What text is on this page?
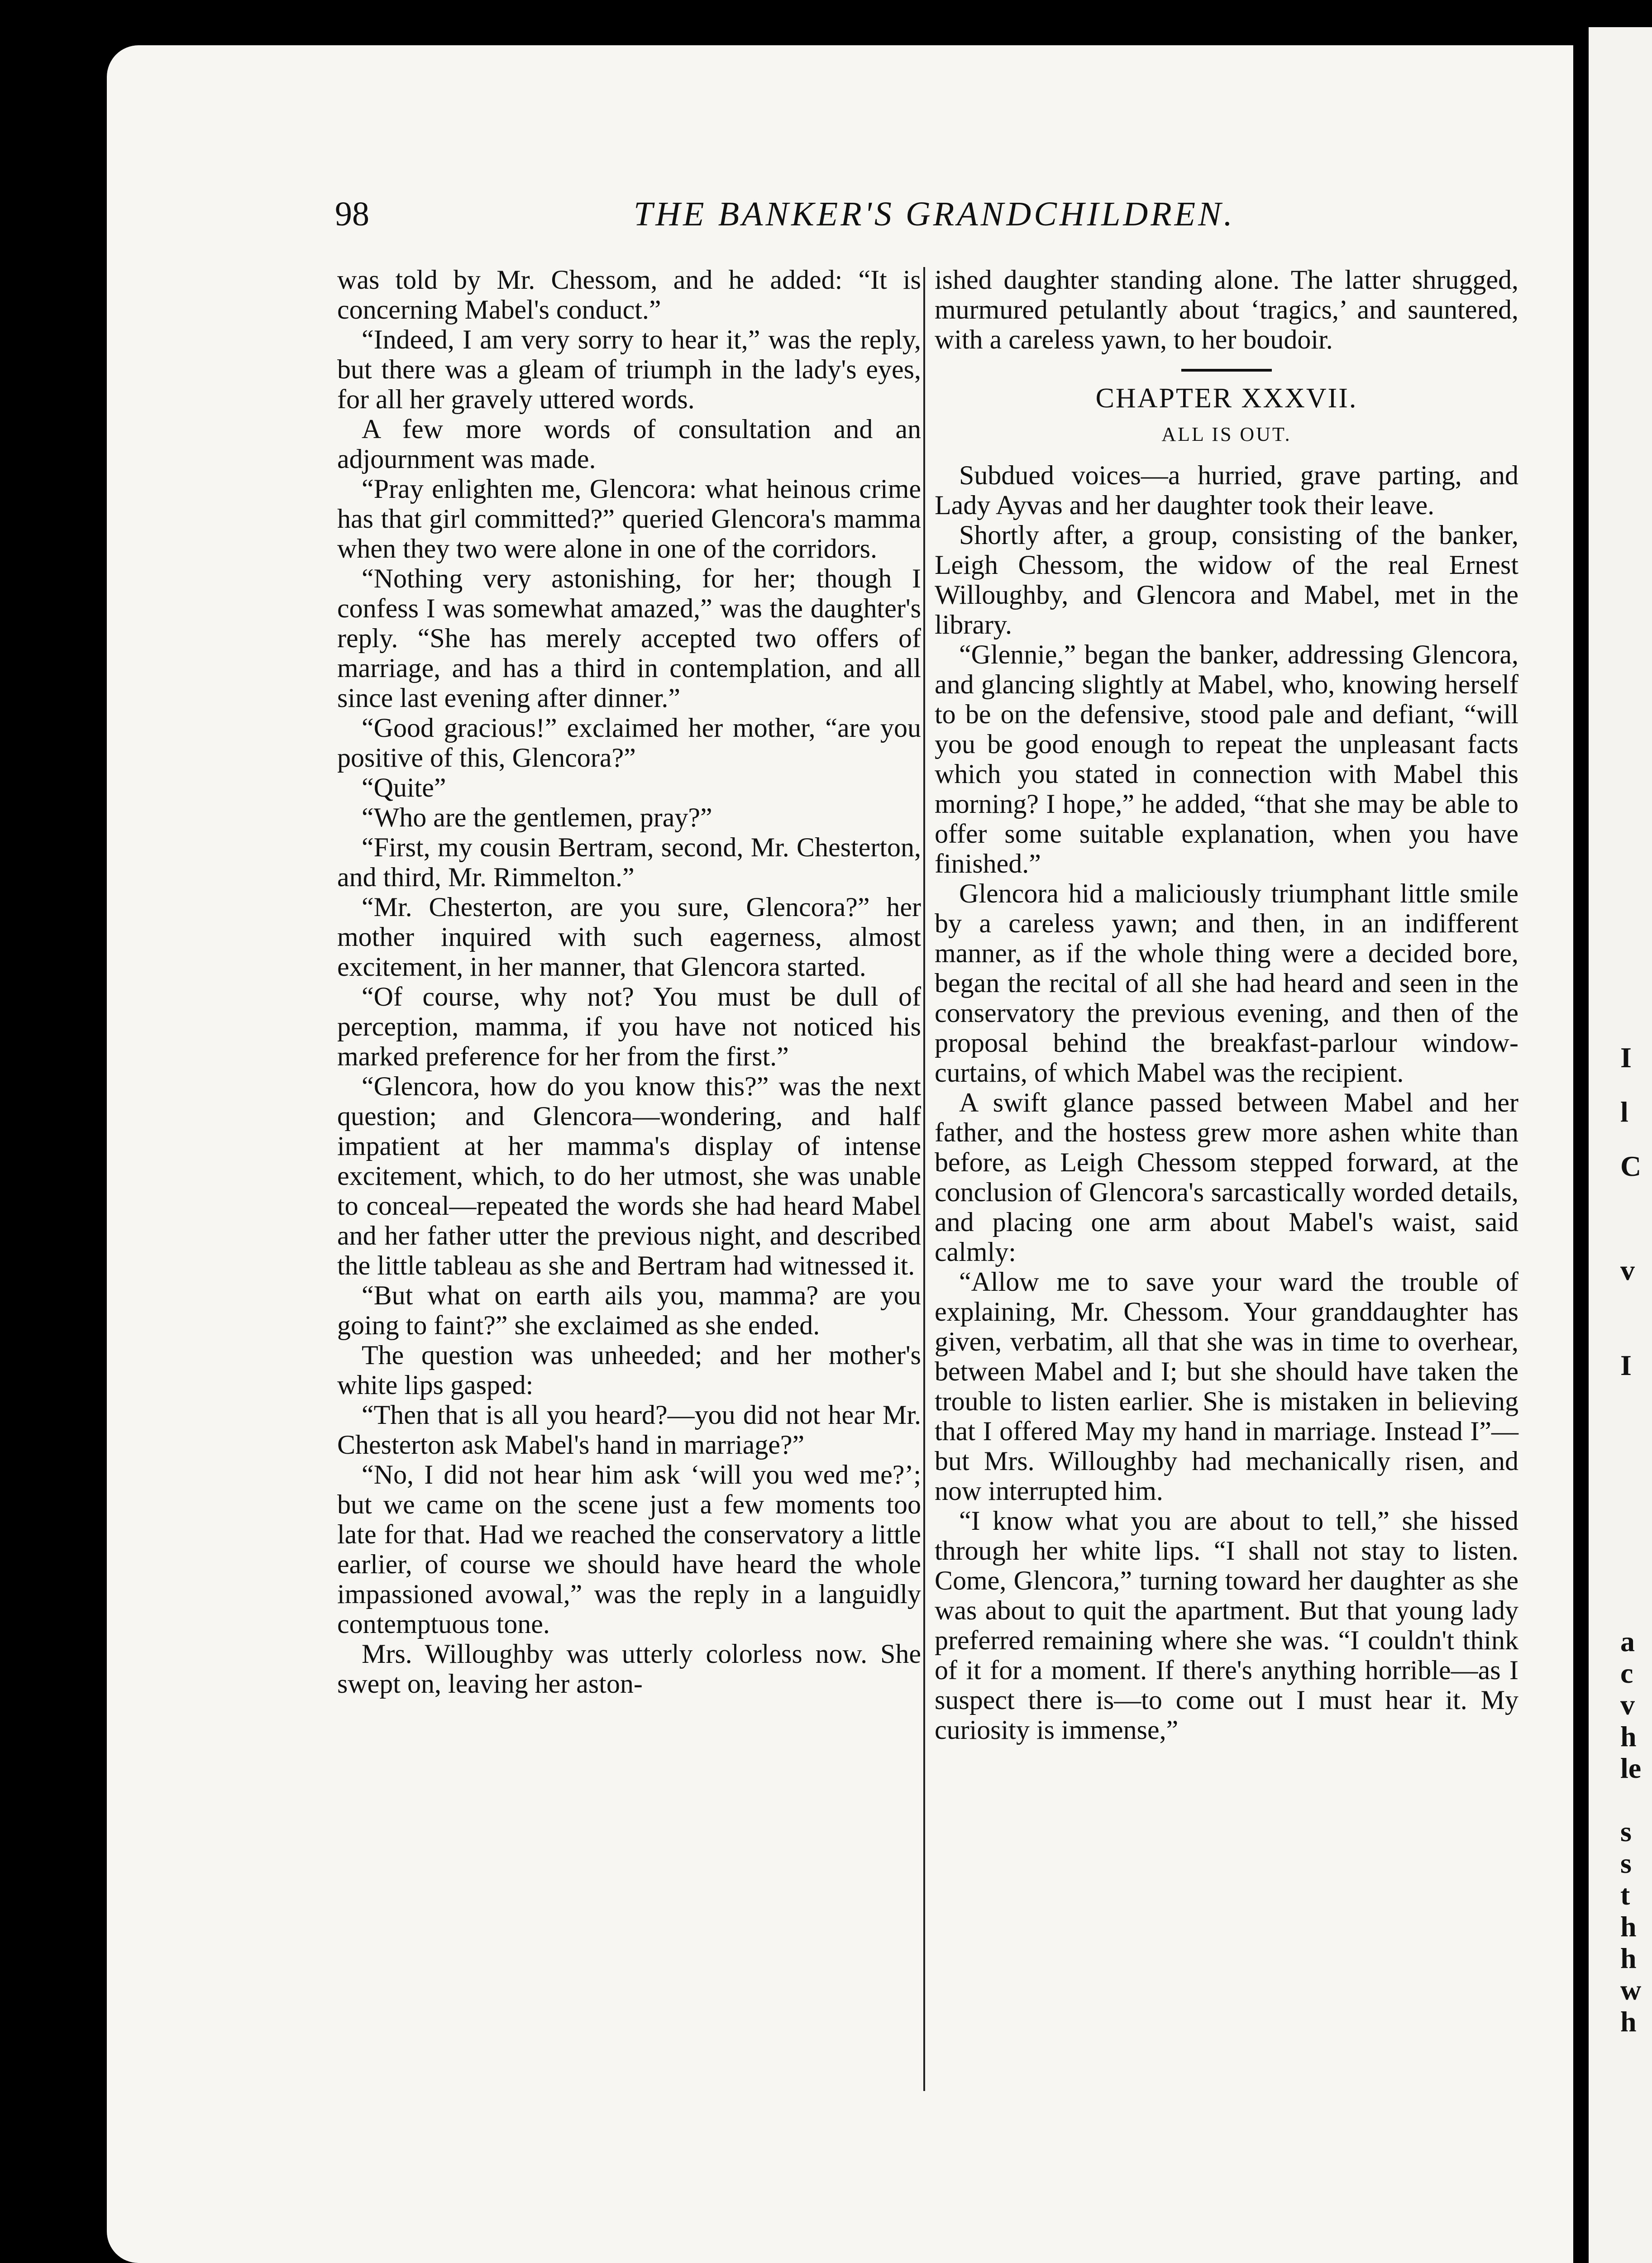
98	THE BANKER'S GRANDCHILDREN.

was told by Mr. Chessom, and he added: “It is concerning Mabel's conduct.”

“Indeed, I am very sorry to hear it,” was the reply, but there was a gleam of triumph in the lady's eyes, for all her gravely uttered words.

A few more words of consultation and an adjournment was made.

“Pray enlighten me, Glencora: what heinous crime has that girl committed?” queried Glencora's mamma when they two were alone in one of the corridors.

“Nothing very astonishing, for her; though I confess I was somewhat amazed,” was the daughter's reply. “She has merely accepted two offers of marriage, and has a third in contemplation, and all since last evening after dinner.”

“Good gracious!” exclaimed her mother, “are you positive of this, Glencora?”

“Quite”

“Who are the gentlemen, pray?”

“First, my cousin Bertram, second, Mr. Chesterton, and third, Mr. Rimmelton.”

“Mr. Chesterton, are you sure, Glencora?” her mother inquired with such eagerness, almost excitement, in her manner, that Glencora started.

“Of course, why not? You must be dull of perception, mamma, if you have not noticed his marked preference for her from the first.”

“Glencora, how do you know this?” was the next question; and Glencora—wondering, and half impatient at her mamma's display of intense excitement, which, to do her utmost, she was unable to conceal—repeated the words she had heard Mabel and her father utter the previous night, and described the little tableau as she and Bertram had witnessed it.

“But what on earth ails you, mamma? are you going to faint?” she exclaimed as she ended.

The question was unheeded; and her mother's white lips gasped:

“Then that is all you heard?—you did not hear Mr. Chesterton ask Mabel's hand in marriage?”

“No, I did not hear him ask ‘will you wed me?’; but we came on the scene just a few moments too late for that. Had we reached the conservatory a little earlier, of course we should have heard the whole impassioned avowal,” was the reply in a languidly contemptuous tone.

Mrs. Willoughby was utterly colorless now. She swept on, leaving her aston-

ished daughter standing alone. The latter shrugged, murmured petulantly about ‘tragics,’ and sauntered, with a careless yawn, to her boudoir.

CHAPTER XXXVII.
ALL IS OUT.

Subdued voices—a hurried, grave parting, and Lady Ayvas and her daughter took their leave.

Shortly after, a group, consisting of the banker, Leigh Chessom, the widow of the real Ernest Willoughby, and Glencora and Mabel, met in the library.

“Glennie,” began the banker, addressing Glencora, and glancing slightly at Mabel, who, knowing herself to be on the defensive, stood pale and defiant, “will you be good enough to repeat the unpleasant facts which you stated in connection with Mabel this morning? I hope,” he added, “that she may be able to offer some suitable explanation, when you have finished.”

Glencora hid a maliciously triumphant little smile by a careless yawn; and then, in an indifferent manner, as if the whole thing were a decided bore, began the recital of all she had heard and seen in the conservatory the previous evening, and then of the proposal behind the breakfast-parlour window-curtains, of which Mabel was the recipient.

A swift glance passed between Mabel and her father, and the hostess grew more ashen white than before, as Leigh Chessom stepped forward, at the conclusion of Glencora's sarcastically worded details, and placing one arm about Mabel's waist, said calmly:

“Allow me to save your ward the trouble of explaining, Mr. Chessom. Your granddaughter has given, verbatim, all that she was in time to overhear, between Mabel and I; but she should have taken the trouble to listen earlier. She is mistaken in believing that I offered May my hand in marriage. Instead I”—but Mrs. Willoughby had mechanically risen, and now interrupted him.

“I know what you are about to tell,” she hissed through her white lips. “I shall not stay to listen. Come, Glencora,” turning toward her daughter as she was about to quit the apartment. But that young lady preferred remaining where she was. “I couldn't think of it for a moment. If there's anything horrible—as I suspect there is—to come out I must hear it. My curiosity is immense,”

I
l
C
v
I
a
c
v
h
le
s
s
t
h
h
w
h
